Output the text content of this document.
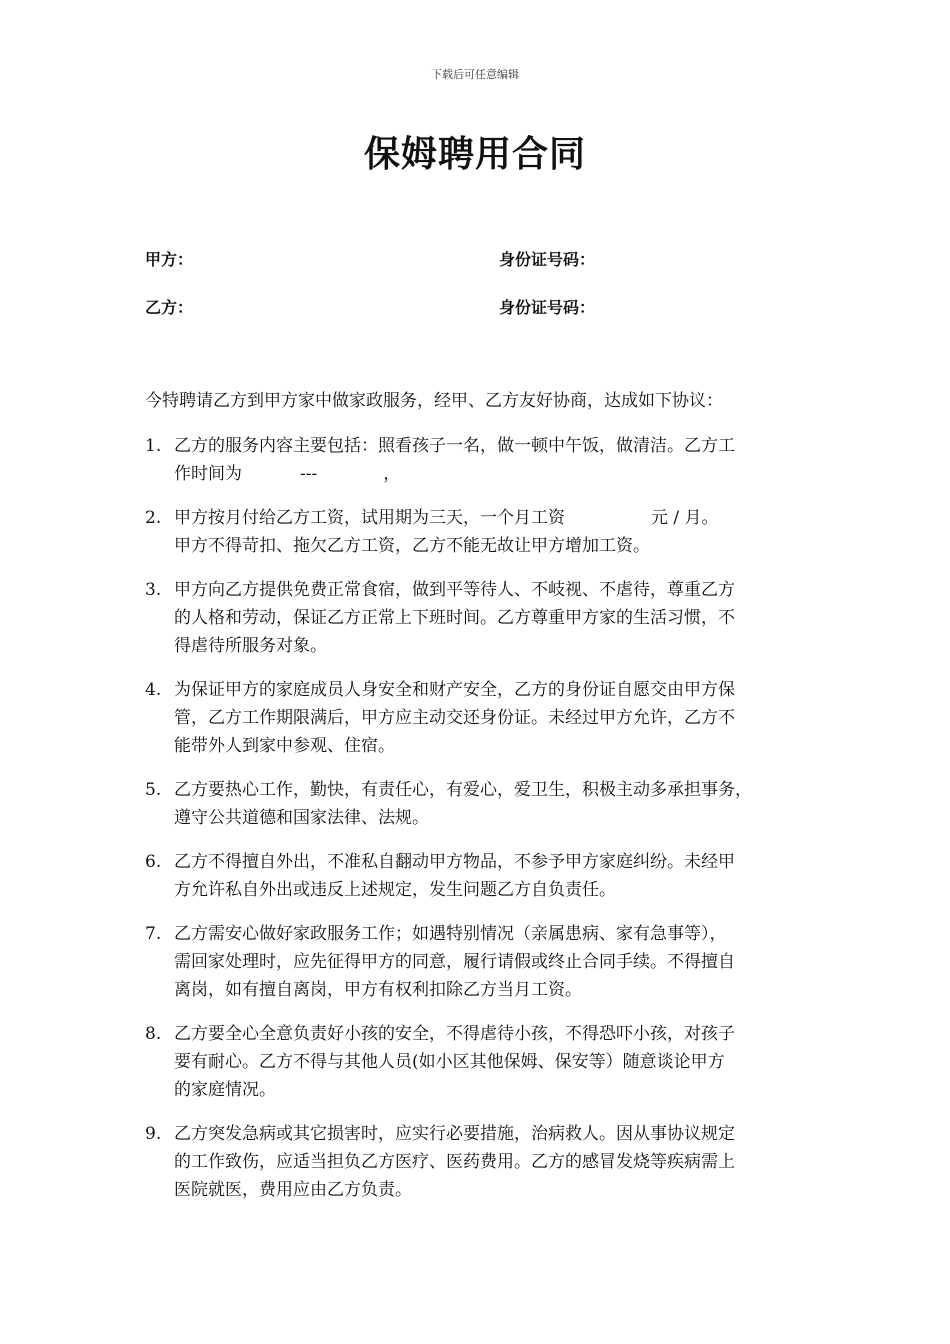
下载后可任意编辑
保姆聘用合同
甲方：	身份证号码：
乙方：	身份证号码：
今特聘请乙方到甲方家中做家政服务，经甲、乙方友好协商，达成如下协议：
1. 乙方的服务内容主要包括：照看孩子一名，做一顿中午饭，做清洁。乙方工
作时间为	---	，
2. 甲方按月付给乙方工资，试用期为三天，一个月工资	元 / 月。
甲方不得苛扣、拖欠乙方工资，乙方不能无故让甲方增加工资。
3. 甲方向乙方提供免费正常食宿，做到平等待人、不岐视、不虐待，尊重乙方
的人格和劳动，保证乙方正常上下班时间。乙方尊重甲方家的生活习惯，不
得虐待所服务对象。
4. 为保证甲方的家庭成员人身安全和财产安全，乙方的身份证自愿交由甲方保
管，乙方工作期限满后，甲方应主动交还身份证。未经过甲方允许，乙方不
能带外人到家中参观、住宿。
5. 乙方要热心工作，勤快，有责任心，有爱心，爱卫生，积极主动多承担事务，
遵守公共道德和国家法律、法规。
6. 乙方不得擅自外出，不准私自翻动甲方物品，不参予甲方家庭纠纷。未经甲
方允许私自外出或违反上述规定，发生问题乙方自负责任。
7. 乙方需安心做好家政服务工作；如遇特别情况（亲属患病、家有急事等），
需回家处理时，应先征得甲方的同意，履行请假或终止合同手续。不得擅自
离岗，如有擅自离岗，甲方有权利扣除乙方当月工资。
8. 乙方要全心全意负责好小孩的安全，不得虐待小孩，不得恐吓小孩，对孩子
要有耐心。乙方不得与其他人员(如小区其他保姆、保安等）随意谈论甲方
的家庭情况。
9. 乙方突发急病或其它损害时，应实行必要措施，治病救人。因从事协议规定
的工作致伤，应适当担负乙方医疗、医药费用。乙方的感冒发烧等疾病需上
医院就医，费用应由乙方负责。
